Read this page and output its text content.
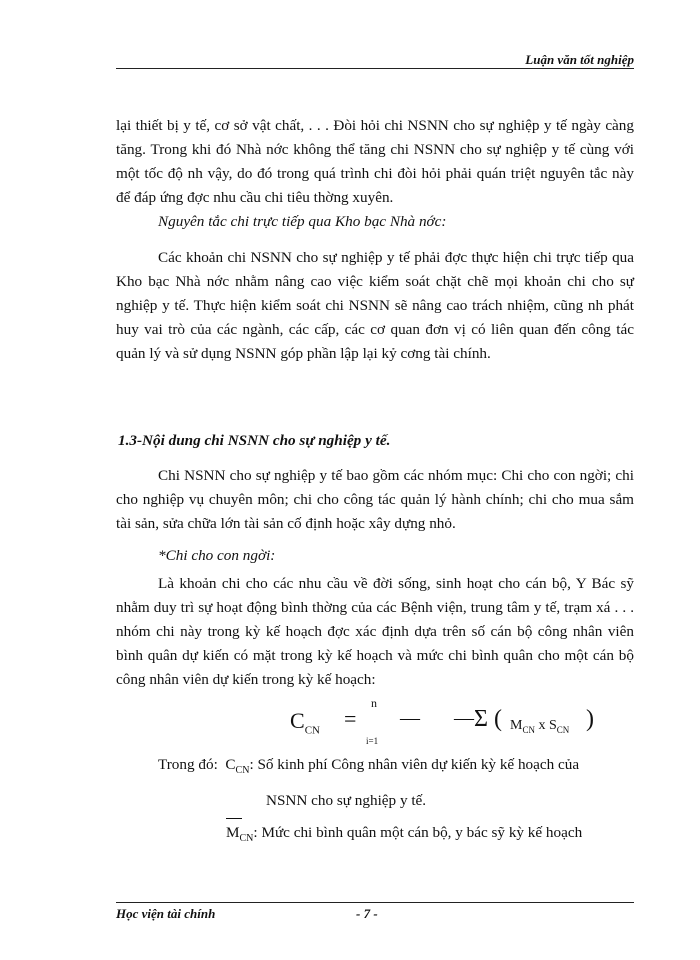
Luận văn tốt nghiệp
lại thiết bị y tế, cơ sở vật chất, . . . Đòi hỏi chi NSNN cho sự nghiệp y tế ngày càng tăng. Trong khi đó Nhà nớc không thể tăng chi NSNN cho sự nghiệp y tế cùng với một tốc độ nh vậy, do đó trong quá trình chi đòi hỏi phải quán triệt nguyên tắc này để đáp ứng đợc nhu cầu chi tiêu thờng xuyên.
Nguyên tắc chi trực tiếp qua Kho bạc Nhà nớc:
Các khoản chi NSNN cho sự nghiệp y tế phải đợc thực hiện chi trực tiếp qua Kho bạc Nhà nớc nhằm nâng cao việc kiểm soát chặt chẽ mọi khoản chi cho sự nghiệp y tế. Thực hiện kiểm soát chi NSNN sẽ nâng cao trách nhiệm, cũng nh phát huy vai trò của các ngành, các cấp, các cơ quan đơn vị có liên quan đến công tác quản lý và sử dụng NSNN góp phần lập lại kỷ cơng tài chính.
1.3-Nội dung chi NSNN cho sự nghiệp y tế.
Chi NSNN cho sự nghiệp y tế bao gồm các nhóm mục: Chi cho con ngời; chi cho nghiệp vụ chuyên môn; chi cho công tác quản lý hành chính; chi cho mua sắm tài sản, sửa chữa lớn tài sản cố định hoặc xây dựng nhỏ.
*Chi cho con ngời:
Là khoản chi cho các nhu cầu về đời sống, sinh hoạt cho cán bộ, Y Bác sỹ nhằm duy trì sự hoạt động bình thờng của các Bệnh viện, trung tâm y tế, trạm xá . . . nhóm chi này trong kỳ kế hoạch đợc xác định dựa trên số cán bộ công nhân viên bình quân dự kiến có mặt trong kỳ kế hoạch và mức chi bình quân cho một cán bộ công nhân viên dự kiến trong kỳ kế hoạch:
$C_{CN}$ =
n
i=1
— — Σ ( $M_{CN}$ x $S_{CN}$ )
Trong đó: $C_{CN}$: Số kinh phí Công nhân viên dự kiến kỳ kế hoạch của
NSNN cho sự nghiệp y tế.
$M_{CN}$: Mức chi bình quân một cán bộ, y bác sỹ kỳ kế hoạch
Học viện tài chính	- 7 -
